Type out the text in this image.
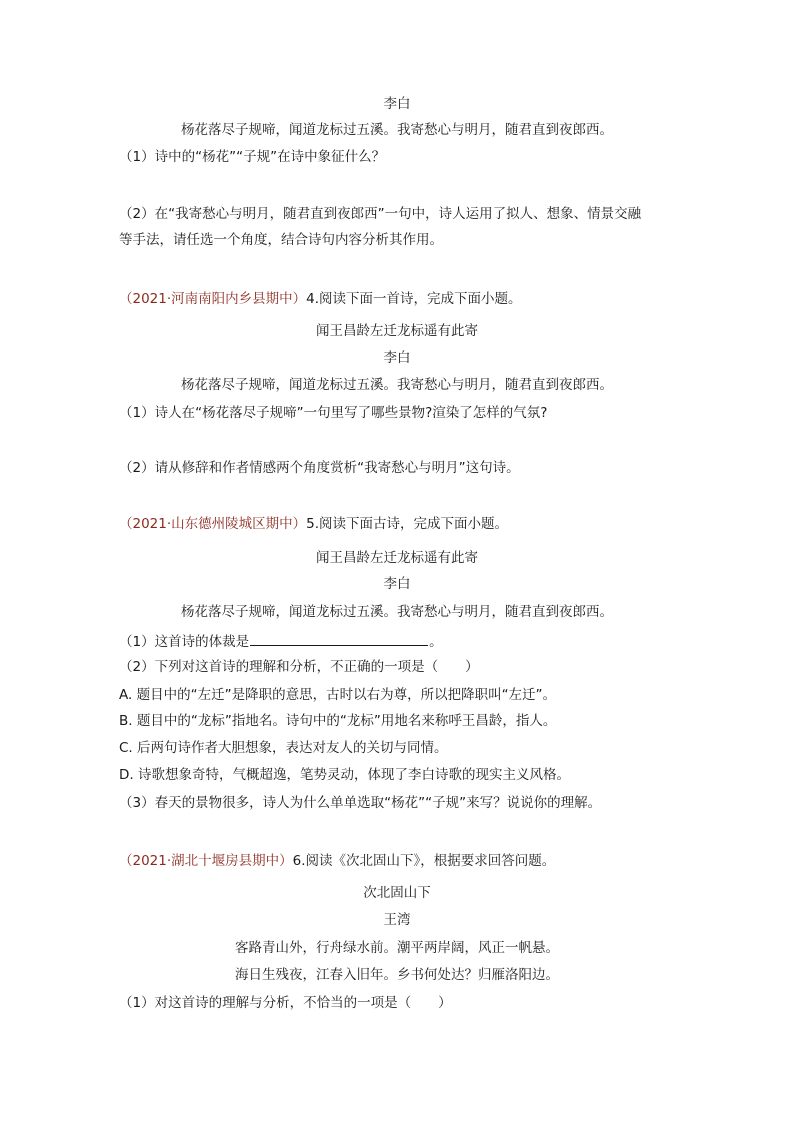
李白
杨花落尽子规啼，闻道龙标过五溪。我寄愁心与明月，随君直到夜郎西。
（1）诗中的“杨花”“子规”在诗中象征什么？
（2）在“我寄愁心与明月，随君直到夜郎西”一句中，诗人运用了拟人、想象、情景交融
等手法，请任选一个角度，结合诗句内容分析其作用。
（2021·河南南阳内乡县期中）4.阅读下面一首诗，完成下面小题。
闻王昌龄左迁龙标遥有此寄
李白
杨花落尽子规啼，闻道龙标过五溪。我寄愁心与明月，随君直到夜郎西。
（1）诗人在“杨花落尽子规啼”一句里写了哪些景物?渲染了怎样的气氛?
（2）请从修辞和作者情感两个角度赏析“我寄愁心与明月”这句诗。
（2021·山东德州陵城区期中）5.阅读下面古诗，完成下面小题。
闻王昌龄左迁龙标遥有此寄
李白
杨花落尽子规啼，闻道龙标过五溪。我寄愁心与明月，随君直到夜郎西。
（1）这首诗的体裁是	。
（2）下列对这首诗的理解和分析，不正确的一项是（　　）
A. 题目中的“左迁”是降职的意思，古时以右为尊，所以把降职叫“左迁”。
B. 题目中的“龙标”指地名。诗句中的“龙标”用地名来称呼王昌龄，指人。
C. 后两句诗作者大胆想象，表达对友人的关切与同情。
D. 诗歌想象奇特，气概超逸，笔势灵动，体现了李白诗歌的现实主义风格。
（3）春天的景物很多，诗人为什么单单选取“杨花”“子规”来写？说说你的理解。
（2021·湖北十堰房县期中）6.阅读《次北固山下》，根据要求回答问题。
次北固山下
王湾
客路青山外，行舟绿水前。潮平两岸阔，风正一帆悬。
海日生残夜，江春入旧年。乡书何处达？归雁洛阳边。
（1）对这首诗的理解与分析，不恰当的一项是（　　）
